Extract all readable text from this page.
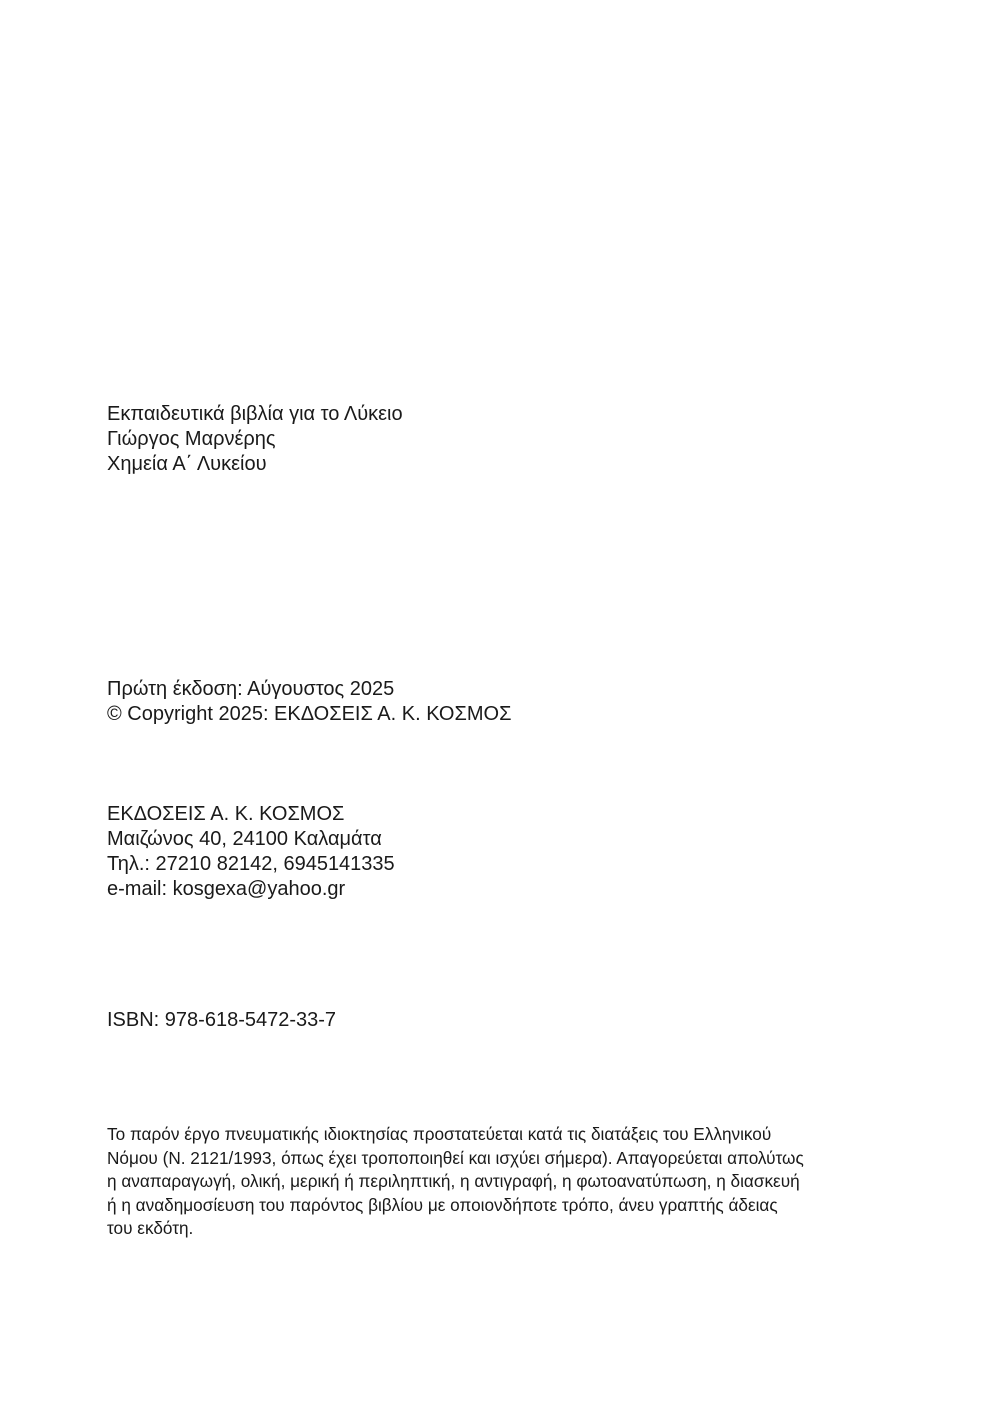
Εκπαιδευτικά βιβλία για το Λύκειο
Γιώργος Μαρνέρης
Χημεία Α΄ Λυκείου
Πρώτη έκδοση: Αύγουστος 2025
© Copyright 2025: ΕΚΔΟΣΕΙΣ Α. Κ. ΚΟΣΜΟΣ
ΕΚΔΟΣΕΙΣ Α. Κ. ΚΟΣΜΟΣ
Μαιζώνος 40, 24100 Καλαμάτα
Τηλ.: 27210 82142, 6945141335
e-mail: kosgexa@yahoo.gr
ISBN: 978-618-5472-33-7
Το παρόν έργο πνευματικής ιδιοκτησίας προστατεύεται κατά τις διατάξεις του Ελληνικού
Νόμου (Ν. 2121/1993, όπως έχει τροποποιηθεί και ισχύει σήμερα). Απαγορεύεται απολύτως
η αναπαραγωγή, ολική, μερική ή περιληπτική, η αντιγραφή, η φωτοανατύπωση, η διασκευή
ή η αναδημοσίευση του παρόντος βιβλίου με οποιονδήποτε τρόπο, άνευ γραπτής άδειας
του εκδότη.
